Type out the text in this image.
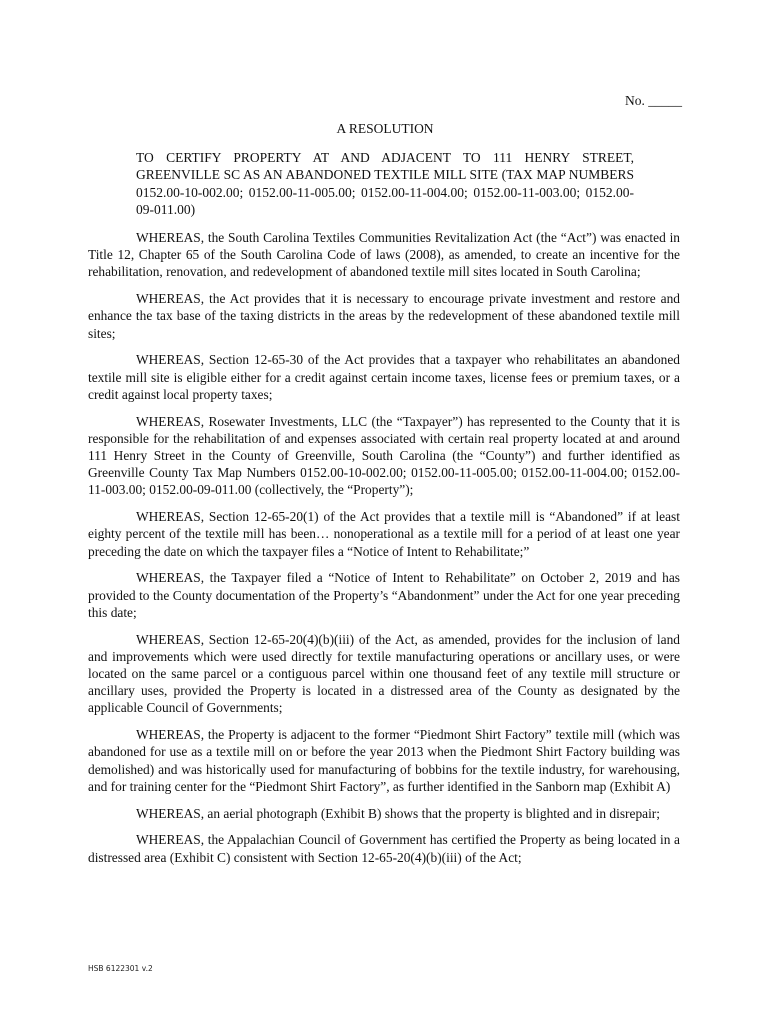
No. _____
A RESOLUTION
TO CERTIFY PROPERTY AT AND ADJACENT TO 111 HENRY STREET, GREENVILLE SC AS AN ABANDONED TEXTILE MILL SITE (TAX MAP NUMBERS 0152.00-10-002.00; 0152.00-11-005.00; 0152.00-11-004.00; 0152.00-11-003.00; 0152.00-09-011.00)

WHEREAS, the South Carolina Textiles Communities Revitalization Act (the “Act”) was enacted in Title 12, Chapter 65 of the South Carolina Code of laws (2008), as amended, to create an incentive for the rehabilitation, renovation, and redevelopment of abandoned textile mill sites located in South Carolina;

WHEREAS, the Act provides that it is necessary to encourage private investment and restore and enhance the tax base of the taxing districts in the areas by the redevelopment of these abandoned textile mill sites;

WHEREAS, Section 12-65-30 of the Act provides that a taxpayer who rehabilitates an abandoned textile mill site is eligible either for a credit against certain income taxes, license fees or premium taxes, or a credit against local property taxes;

WHEREAS, Rosewater Investments, LLC (the “Taxpayer”) has represented to the County that it is responsible for the rehabilitation of and expenses associated with certain real property located at and around 111 Henry Street in the County of Greenville, South Carolina (the “County”) and further identified as Greenville County Tax Map Numbers 0152.00-10-002.00; 0152.00-11-005.00; 0152.00-11-004.00; 0152.00-11-003.00; 0152.00-09-011.00 (collectively, the “Property”);

WHEREAS, Section 12-65-20(1) of the Act provides that a textile mill is “Abandoned” if at least eighty percent of the textile mill has been… nonoperational as a textile mill for a period of at least one year preceding the date on which the taxpayer files a “Notice of Intent to Rehabilitate;”

WHEREAS, the Taxpayer filed a “Notice of Intent to Rehabilitate” on October 2, 2019 and has provided to the County documentation of the Property’s “Abandonment” under the Act for one year preceding this date;

WHEREAS, Section 12-65-20(4)(b)(iii) of the Act, as amended, provides for the inclusion of land and improvements which were used directly for textile manufacturing operations or ancillary uses, or were located on the same parcel or a contiguous parcel within one thousand feet of any textile mill structure or ancillary uses, provided the Property is located in a distressed area of the County as designated by the applicable Council of Governments;

WHEREAS, the Property is adjacent to the former “Piedmont Shirt Factory” textile mill (which was abandoned for use as a textile mill on or before the year 2013 when the Piedmont Shirt Factory building was demolished) and was historically used for manufacturing of bobbins for the textile industry, for warehousing, and for training center for the “Piedmont Shirt Factory”, as further identified in the Sanborn map (Exhibit A)

WHEREAS, an aerial photograph (Exhibit B) shows that the property is blighted and in disrepair;

WHEREAS, the Appalachian Council of Government has certified the Property as being located in a distressed area (Exhibit C) consistent with Section 12-65-20(4)(b)(iii) of the Act;

HSB 6122301 v.2
